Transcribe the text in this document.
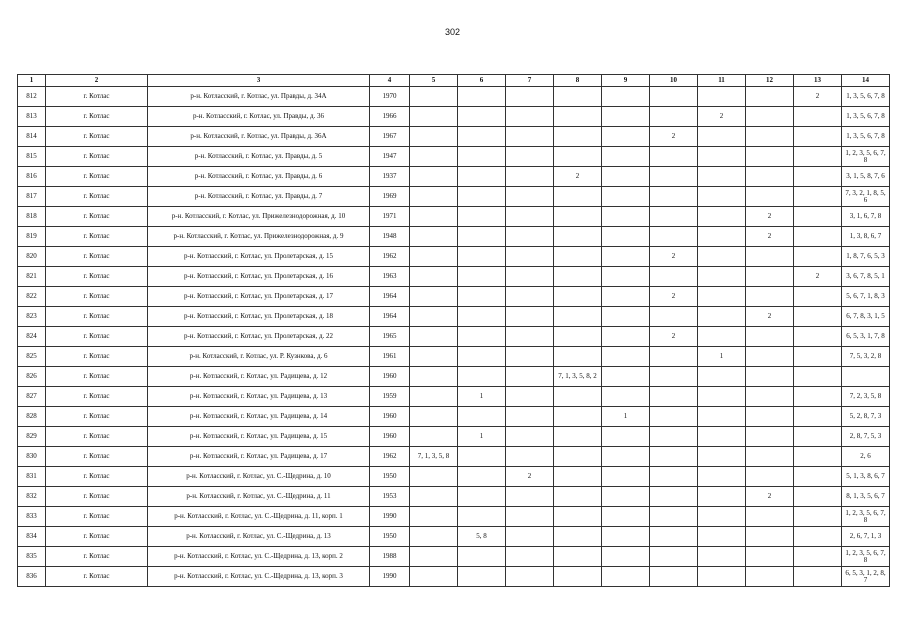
302
1	2	3	4	5	6	7	8	9	10	11	12	13	14
812	г. Котлас	р-н. Котласский, г. Котлас, ул. Правды, д. 34А	1970									2	1, 3, 5, 6, 7, 8
813	г. Котлас	р-н. Котласский, г. Котлас, ул. Правды, д. 36	1966							2			1, 3, 5, 6, 7, 8
814	г. Котлас	р-н. Котласский, г. Котлас, ул. Правды, д. 36А	1967						2				1, 3, 5, 6, 7, 8
815	г. Котлас	р-н. Котласский, г. Котлас, ул. Правды, д. 5	1947										1, 2, 3, 5, 6, 7, 8
816	г. Котлас	р-н. Котласский, г. Котлас, ул. Правды, д. 6	1937				2						3, 1, 5, 8, 7, 6
817	г. Котлас	р-н. Котласский, г. Котлас, ул. Правды, д. 7	1969										7, 3, 2, 1, 8, 5, 6
818	г. Котлас	р-н. Котласский, г. Котлас, ул. Прижелезнодорожная, д. 10	1971								2		3, 1, 6, 7, 8
819	г. Котлас	р-н. Котласский, г. Котлас, ул. Прижелезнодорожная, д. 9	1948								2		1, 3, 8, 6, 7
820	г. Котлас	р-н. Котласский, г. Котлас, ул. Пролетарская, д. 15	1962						2				1, 8, 7, 6, 5, 3
821	г. Котлас	р-н. Котласский, г. Котлас, ул. Пролетарская, д. 16	1963									2	3, 6, 7, 8, 5, 1
822	г. Котлас	р-н. Котласский, г. Котлас, ул. Пролетарская, д. 17	1964						2				5, 6, 7, 1, 8, 3
823	г. Котлас	р-н. Котласский, г. Котлас, ул. Пролетарская, д. 18	1964								2		6, 7, 8, 3, 1, 5
824	г. Котлас	р-н. Котласский, г. Котлас, ул. Пролетарская, д. 22	1965						2				6, 5, 3, 1, 7, 8
825	г. Котлас	р-н. Котласский, г. Котлас, ул. Р. Кузнкова, д. 6	1961							1			7, 5, 3, 2, 8
826	г. Котлас	р-н. Котласский, г. Котлас, ул. Радищева, д. 12	1960				7, 1, 3, 5, 8, 2						
827	г. Котлас	р-н. Котласский, г. Котлас, ул. Радищева, д. 13	1959		1								7, 2, 3, 5, 8
828	г. Котлас	р-н. Котласский, г. Котлас, ул. Радищева, д. 14	1960					1					5, 2, 8, 7, 3
829	г. Котлас	р-н. Котласский, г. Котлас, ул. Радищева, д. 15	1960		1								2, 8, 7, 5, 3
830	г. Котлас	р-н. Котласский, г. Котлас, ул. Радищева, д. 17	1962	7, 1, 3, 5, 8									2, 6
831	г. Котлас	р-н. Котласский, г. Котлас, ул. С.-Щедрина, д. 10	1950			2							5, 1, 3, 8, 6, 7
832	г. Котлас	р-н. Котласский, г. Котлас, ул. С.-Щедрина, д. 11	1953								2		8, 1, 3, 5, 6, 7
833	г. Котлас	р-н. Котласский, г. Котлас, ул. С.-Щедрина, д. 11, корп. 1	1990										1, 2, 3, 5, 6, 7, 8
834	г. Котлас	р-н. Котласский, г. Котлас, ул. С.-Щедрина, д. 13	1950		5, 8								2, 6, 7, 1, 3
835	г. Котлас	р-н. Котласский, г. Котлас, ул. С.-Щедрина, д. 13, корп. 2	1988										1, 2, 3, 5, 6, 7, 8
836	г. Котлас	р-н. Котласский, г. Котлас, ул. С.-Щедрина, д. 13, корп. 3	1990										6, 5, 3, 1, 2, 8, 7
